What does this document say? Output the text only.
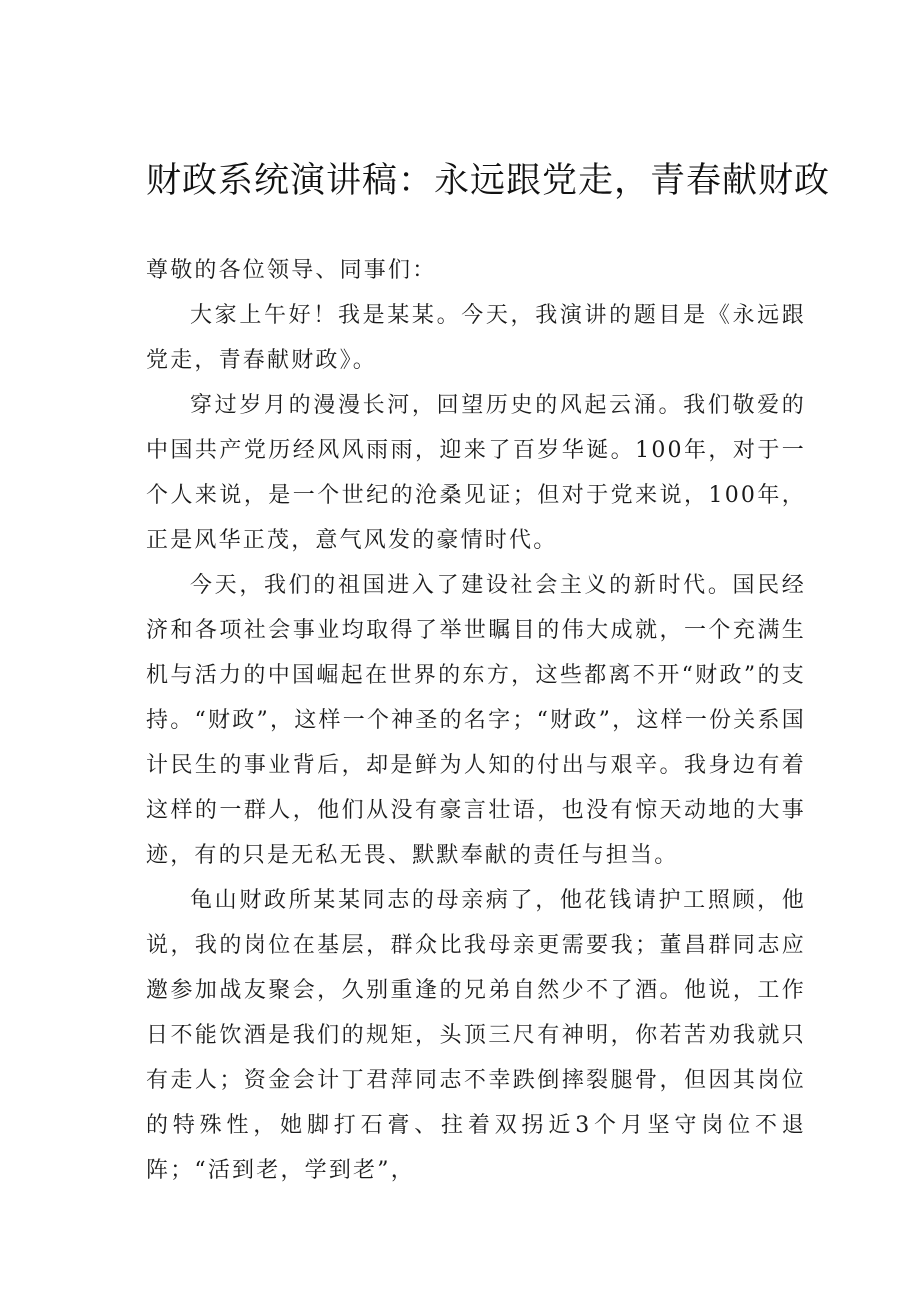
财政系统演讲稿：永远跟党走，青春献财政

尊敬的各位领导、同事们：

大家上午好！我是某某。今天，我演讲的题目是《永远跟党走，青春献财政》。

穿过岁月的漫漫长河，回望历史的风起云涌。我们敬爱的中国共产党历经风风雨雨，迎来了百岁华诞。100年，对于一个人来说，是一个世纪的沧桑见证；但对于党来说，100年，正是风华正茂，意气风发的豪情时代。

今天，我们的祖国进入了建设社会主义的新时代。国民经济和各项社会事业均取得了举世瞩目的伟大成就，一个充满生机与活力的中国崛起在世界的东方，这些都离不开“财政”的支持。“财政”，这样一个神圣的名字；“财政”，这样一份关系国计民生的事业背后，却是鲜为人知的付出与艰辛。我身边有着这样的一群人，他们从没有豪言壮语，也没有惊天动地的大事迹，有的只是无私无畏、默默奉献的责任与担当。

龟山财政所某某同志的母亲病了，他花钱请护工照顾，他说，我的岗位在基层，群众比我母亲更需要我；董昌群同志应邀参加战友聚会，久别重逢的兄弟自然少不了酒。他说，工作日不能饮酒是我们的规矩，头顶三尺有神明，你若苦劝我就只有走人；资金会计丁君萍同志不幸跌倒摔裂腿骨，但因其岗位的特殊性，她脚打石膏、拄着双拐近3个月坚守岗位不退阵；“活到老，学到老”，
